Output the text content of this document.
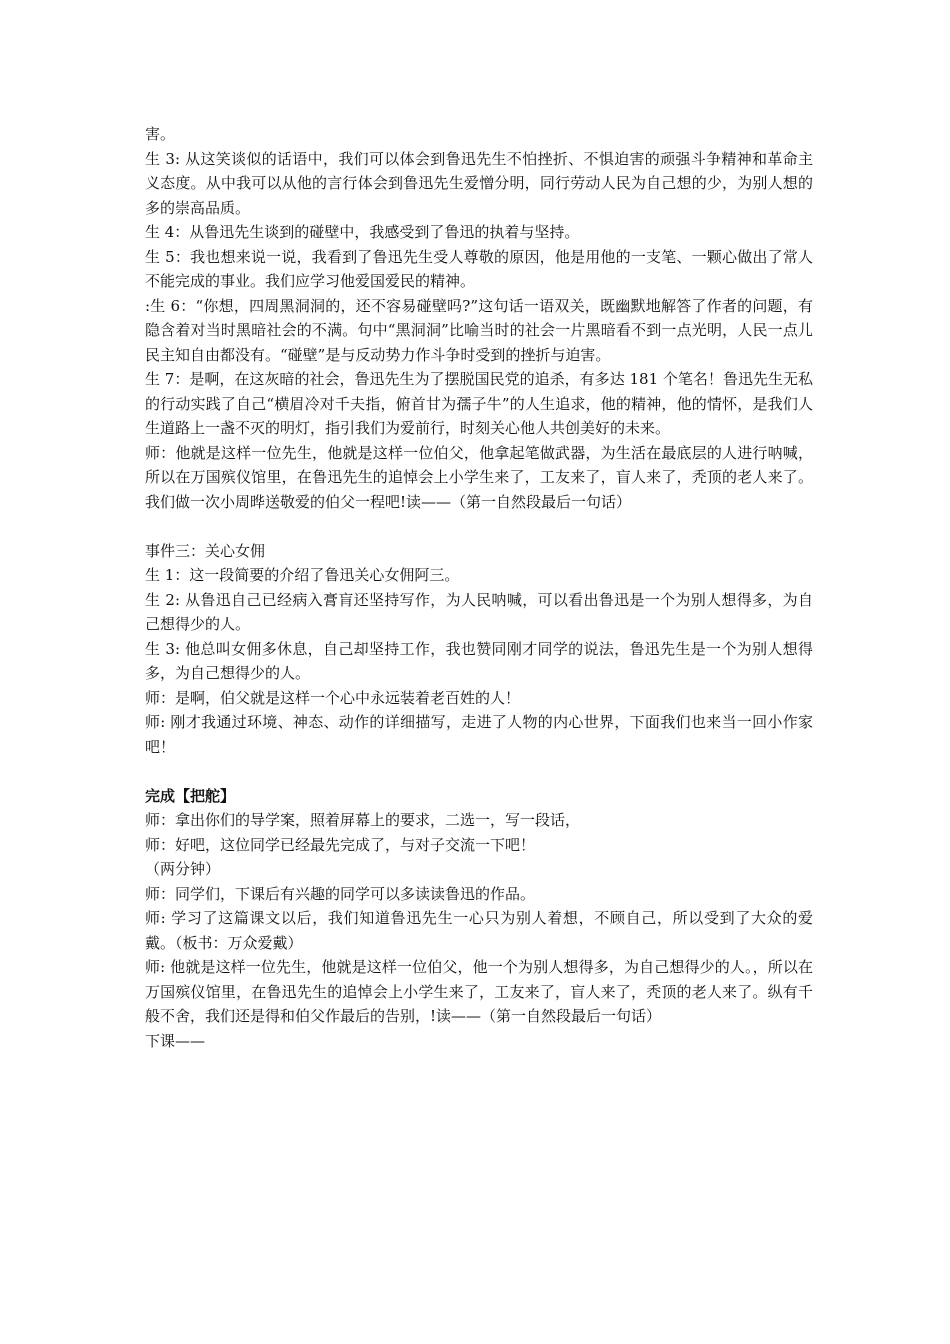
害。

生 3: 从这笑谈似的话语中，我们可以体会到鲁迅先生不怕挫折、不惧迫害的顽强斗争精神和革命主义态度。从中我可以从他的言行体会到鲁迅先生爱憎分明，同行劳动人民为自己想的少，为别人想的多的崇高品质。

生 4：从鲁迅先生谈到的碰壁中，我感受到了鲁迅的执着与坚持。

生 5：我也想来说一说，我看到了鲁迅先生受人尊敬的原因，他是用他的一支笔、一颗心做出了常人不能完成的事业。我们应学习他爱国爱民的精神。

:生 6：“你想，四周黑洞洞的，还不容易碰壁吗?”这句话一语双关，既幽默地解答了作者的问题，有隐含着对当时黑暗社会的不满。句中“黑洞洞”比喻当时的社会一片黑暗看不到一点光明，人民一点儿民主知自由都没有。“碰壁”是与反动势力作斗争时受到的挫折与迫害。

生 7：是啊，在这灰暗的社会，鲁迅先生为了摆脱国民党的追杀，有多达 181 个笔名！鲁迅先生无私的行动实践了自己“横眉冷对千夫指，俯首甘为孺子牛”的人生追求，他的精神，他的情怀，是我们人生道路上一盏不灭的明灯，指引我们为爱前行，时刻关心他人共创美好的未来。

师：他就是这样一位先生，他就是这样一位伯父，他拿起笔做武器，为生活在最底层的人进行呐喊，所以在万国殡仪馆里，在鲁迅先生的追悼会上小学生来了，工友来了，盲人来了，秃顶的老人来了。我们做一次小周晔送敬爱的伯父一程吧!读——（第一自然段最后一句话）

事件三：关心女佣

生 1：这一段简要的介绍了鲁迅关心女佣阿三。

生 2: 从鲁迅自己已经病入膏肓还坚持写作，为人民呐喊，可以看出鲁迅是一个为别人想得多，为自己想得少的人。

生 3: 他总叫女佣多休息，自己却坚持工作，我也赞同刚才同学的说法，鲁迅先生是一个为别人想得多，为自己想得少的人。

师：是啊，伯父就是这样一个心中永远装着老百姓的人！

师: 刚才我通过环境、神态、动作的详细描写，走进了人物的内心世界，下面我们也来当一回小作家吧！

完成【把舵】

师：拿出你们的导学案，照着屏幕上的要求，二选一，写一段话，

师：好吧，这位同学已经最先完成了，与对子交流一下吧！

（两分钟）

师：同学们，下课后有兴趣的同学可以多读读鲁迅的作品。

师: 学习了这篇课文以后，我们知道鲁迅先生一心只为别人着想，不顾自己，所以受到了大众的爱戴。（板书：万众爱戴）

师: 他就是这样一位先生，他就是这样一位伯父，他一个为别人想得多，为自己想得少的人。，所以在万国殡仪馆里，在鲁迅先生的追悼会上小学生来了，工友来了，盲人来了，秃顶的老人来了。纵有千般不舍，我们还是得和伯父作最后的告别，!读——（第一自然段最后一句话）

下课——
